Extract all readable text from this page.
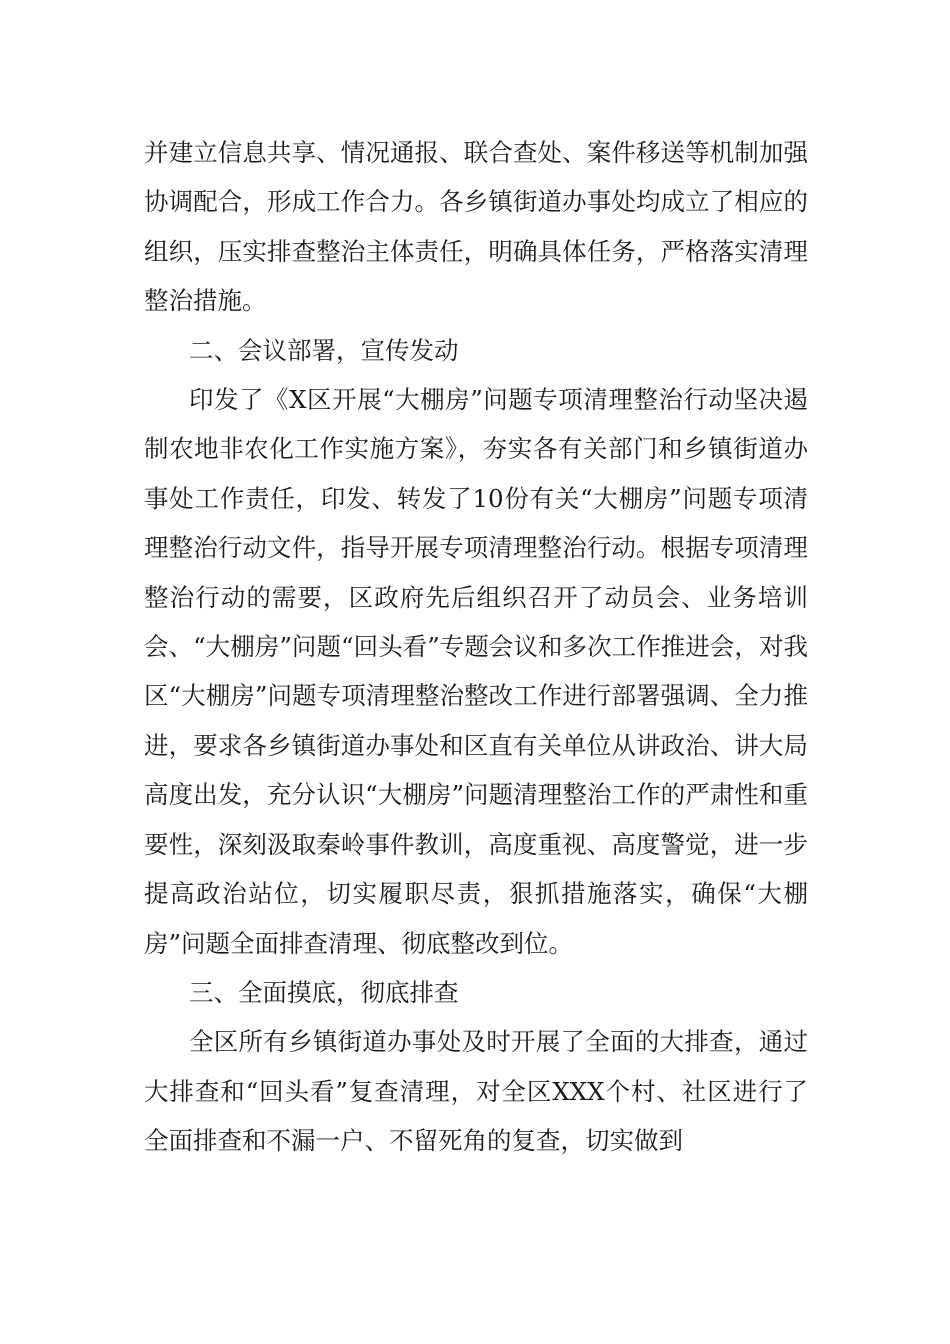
并建立信息共享、情况通报、联合查处、案件移送等机制加强协调配合，形成工作合力。各乡镇街道办事处均成立了相应的组织，压实排查整治主体责任，明确具体任务，严格落实清理整治措施。

二、会议部署，宣传发动

印发了《X区开展“大棚房”问题专项清理整治行动坚决遏制农地非农化工作实施方案》，夯实各有关部门和乡镇街道办事处工作责任，印发、转发了10份有关“大棚房”问题专项清理整治行动文件，指导开展专项清理整治行动。根据专项清理整治行动的需要，区政府先后组织召开了动员会、业务培训会、“大棚房”问题“回头看”专题会议和多次工作推进会，对我区“大棚房”问题专项清理整治整改工作进行部署强调、全力推进，要求各乡镇街道办事处和区直有关单位从讲政治、讲大局高度出发，充分认识“大棚房”问题清理整治工作的严肃性和重要性，深刻汲取秦岭事件教训，高度重视、高度警觉，进一步提高政治站位，切实履职尽责，狠抓措施落实，确保“大棚房”问题全面排查清理、彻底整改到位。

三、全面摸底，彻底排查

全区所有乡镇街道办事处及时开展了全面的大排查，通过大排查和“回头看”复查清理，对全区XXX个村、社区进行了全面排查和不漏一户、不留死角的复查，切实做到
